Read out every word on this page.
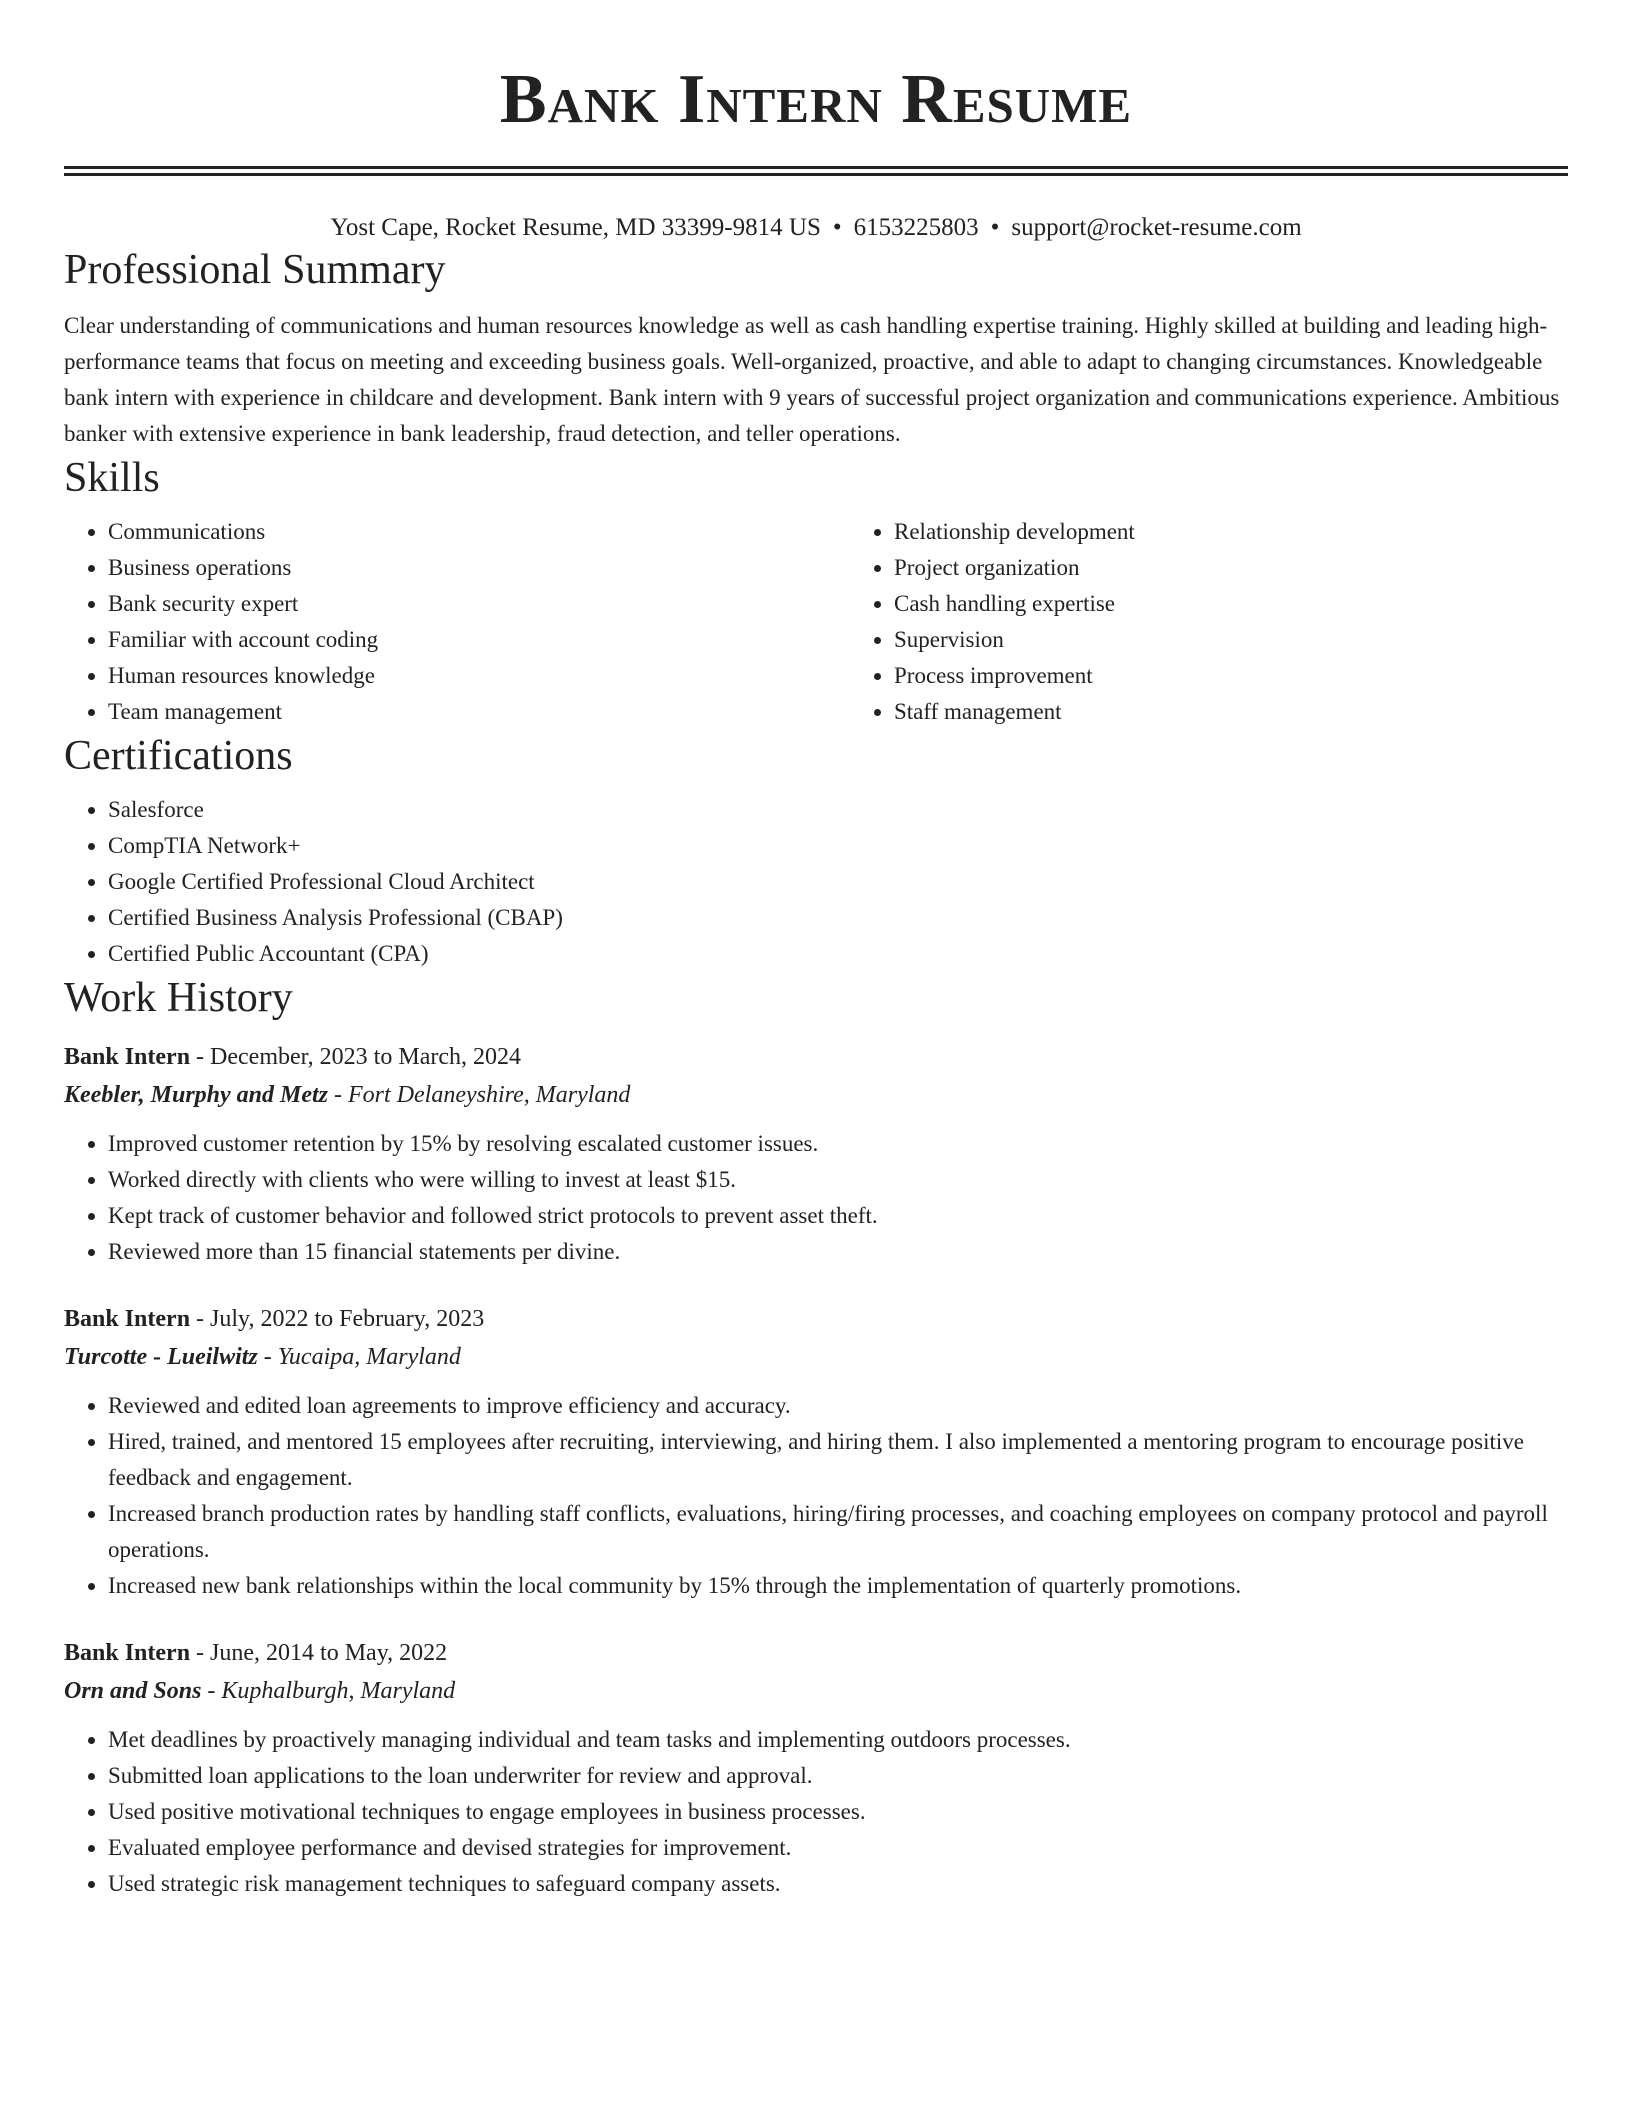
Bank Intern Resume
Yost Cape, Rocket Resume, MD 33399-9814 US • 6153225803 • support@rocket-resume.com
Professional Summary

Clear understanding of communications and human resources knowledge as well as cash handling expertise training. Highly skilled at building and leading high-performance teams that focus on meeting and exceeding business goals. Well-organized, proactive, and able to adapt to changing circumstances. Knowledgeable bank intern with experience in childcare and development. Bank intern with 9 years of successful project organization and communications experience. Ambitious banker with extensive experience in bank leadership, fraud detection, and teller operations.

Skills
• Communications
• Business operations
• Bank security expert
• Familiar with account coding
• Human resources knowledge
• Team management
• Relationship development
• Project organization
• Cash handling expertise
• Supervision
• Process improvement
• Staff management
Certifications
• Salesforce
• CompTIA Network+
• Google Certified Professional Cloud Architect
• Certified Business Analysis Professional (CBAP)
• Certified Public Accountant (CPA)
Work History
Bank Intern - December, 2023 to March, 2024
Keebler, Murphy and Metz - Fort Delaneyshire, Maryland
• Improved customer retention by 15% by resolving escalated customer issues.
• Worked directly with clients who were willing to invest at least $15.
• Kept track of customer behavior and followed strict protocols to prevent asset theft.
• Reviewed more than 15 financial statements per divine.
Bank Intern - July, 2022 to February, 2023
Turcotte - Lueilwitz - Yucaipa, Maryland
• Reviewed and edited loan agreements to improve efficiency and accuracy.
• Hired, trained, and mentored 15 employees after recruiting, interviewing, and hiring them. I also implemented a mentoring program to encourage positive feedback and engagement.
• Increased branch production rates by handling staff conflicts, evaluations, hiring/firing processes, and coaching employees on company protocol and payroll operations.
• Increased new bank relationships within the local community by 15% through the implementation of quarterly promotions.
Bank Intern - June, 2014 to May, 2022
Orn and Sons - Kuphalburgh, Maryland
• Met deadlines by proactively managing individual and team tasks and implementing outdoors processes.
• Submitted loan applications to the loan underwriter for review and approval.
• Used positive motivational techniques to engage employees in business processes.
• Evaluated employee performance and devised strategies for improvement.
• Used strategic risk management techniques to safeguard company assets.
